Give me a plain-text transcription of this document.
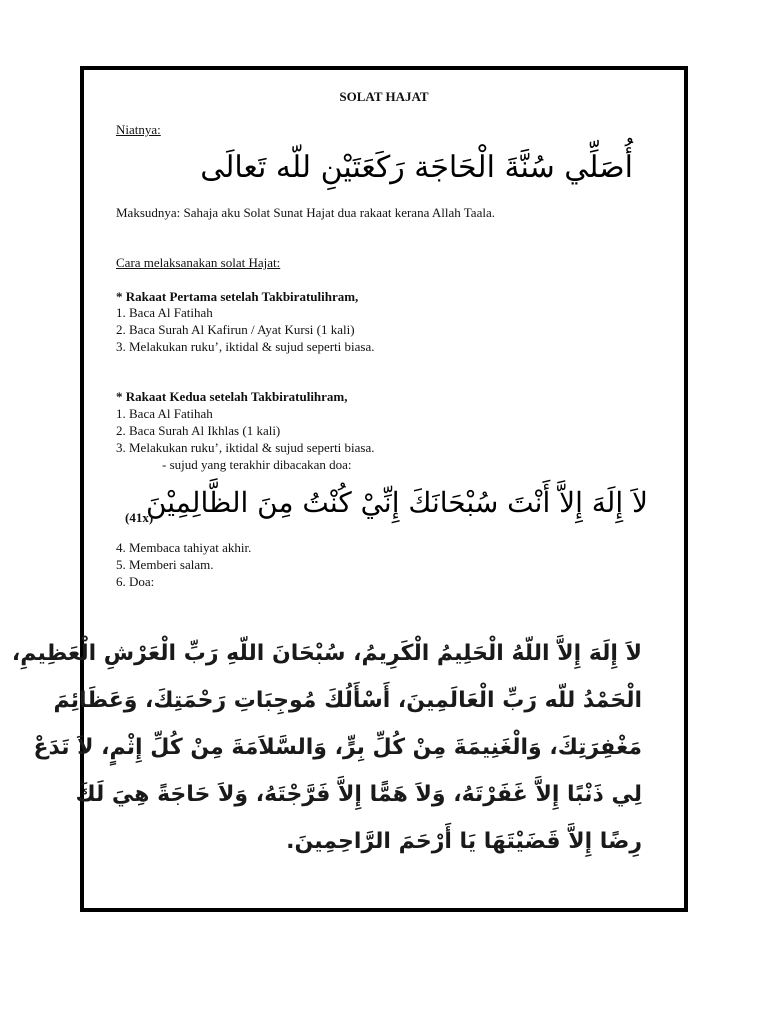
SOLAT HAJAT
Niatnya:
أُصَلِّي سُنَّةَ الْحَاجَة رَكَعَتَيْنِ للّه تَعالَى
Maksudnya: Sahaja aku Solat Sunat Hajat dua rakaat kerana Allah Taala.
Cara melaksanakan solat Hajat:
* Rakaat Pertama setelah Takbiratulihram,
1. Baca Al Fatihah
2. Baca Surah Al Kafirun / Ayat Kursi (1 kali)
3. Melakukan ruku’, iktidal & sujud seperti biasa.
* Rakaat Kedua setelah Takbiratulihram,
1. Baca Al Fatihah
2. Baca Surah Al Ikhlas (1 kali)
3. Melakukan ruku’, iktidal & sujud seperti biasa.
- sujud yang terakhir dibacakan doa:
لاَ إِلَهَ إِلاَّ أَنْتَ سُبْحَانَكَ إِنِّيْ كُنْتُ مِنَ الظَّالِمِيْنَ
(41x)
4. Membaca tahiyat akhir.
5. Memberi salam.
6. Doa:
لاَ إِلَهَ إِلاَّ اللّهُ الْحَلِيمُ الْكَرِيمُ، سُبْحَانَ اللّهِ رَبِّ الْعَرْشِ الْعَظِيمِ،
الْحَمْدُ للّه رَبِّ الْعَالَمِينَ، أَسْأَلُكَ مُوجِبَاتِ رَحْمَتِكَ، وَعَظَائِمَ
مَغْفِرَتِكَ، وَالْغَنِيمَةَ مِنْ كُلِّ بِرٍّ، وَالسَّلاَمَةَ مِنْ كُلِّ إِثْمٍ، لاَ تَدَعْ
لِي ذَنْبًا إِلاَّ غَفَرْتَهُ، وَلاَ هَمًّا إِلاَّ فَرَّجْتَهُ، وَلاَ حَاجَةً هِيَ لَكَ
رِضًا إِلاَّ قَضَيْتَهَا يَا أَرْحَمَ الرَّاحِمِينَ.
